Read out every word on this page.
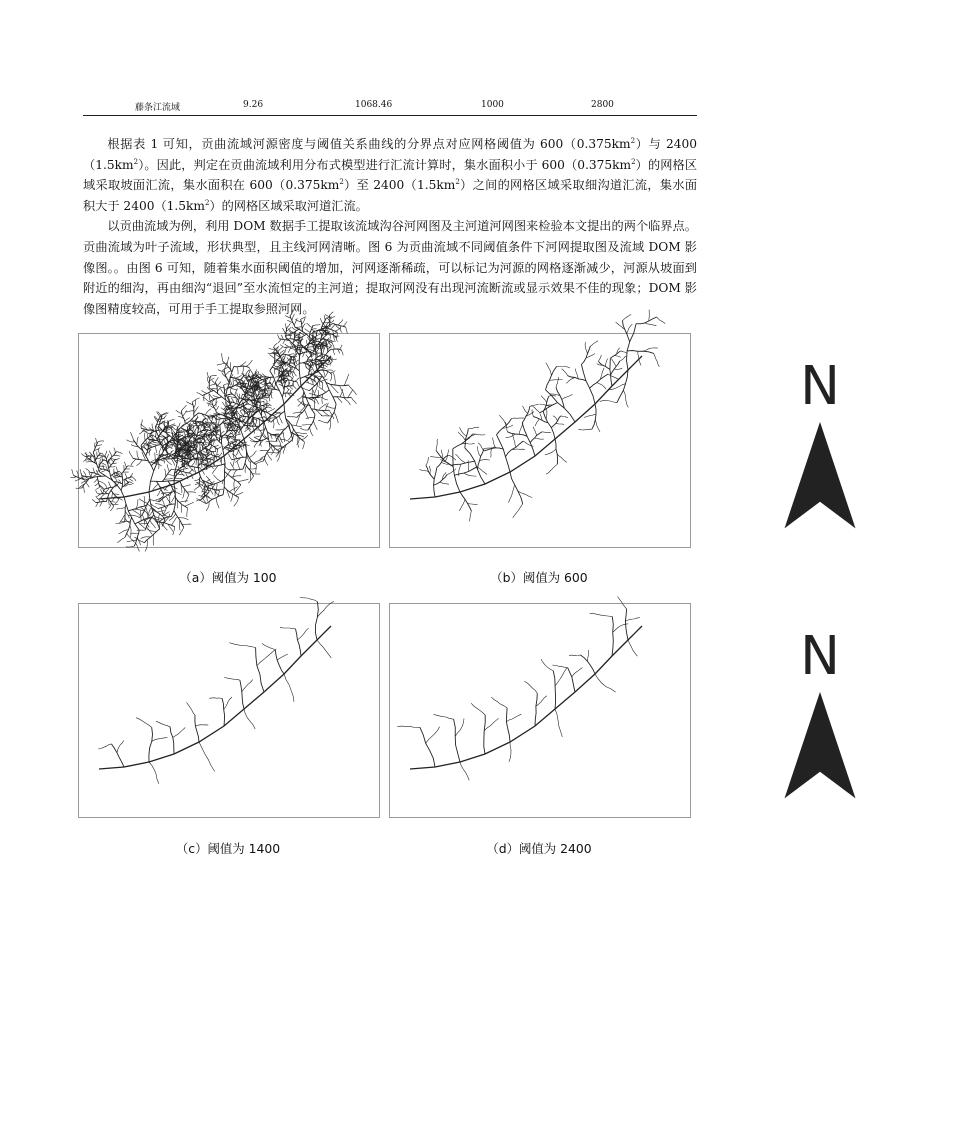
藤条江流域	9.26	1068.46	1000	2800

根据表 1 可知，贡曲流域河源密度与阈值关系曲线的分界点对应网格阈值为 $600(0.375km^2)$与 $2400(1.5km^2)$。因此，判定在贡曲流域利用分布式模型进行汇流计算时，集水面积小于 $600(0.375km^2)$的网格区域采取坡面汇流，集水面积在 $600(0.375km^2)$至 $2400(1.5km^2)$之间的网格区域采取细沟道汇流，集水面积大于 $2400(1.5km^2)$的网格区域采取河道汇流。

以贡曲流域为例，利用 DOM 数据手工提取该流域沟谷河网图及主河道河网图来检验本文提出的两个临界点。贡曲流域为叶子流域，形状典型，且主线河网清晰。图 6 为贡曲流域不同阈值条件下河网提取图及流域 DOM 影像图。。由图 6 可知，随着集水面积阈值的增加，河网逐渐稀疏，可以标记为河源的网格逐渐减少，河源从坡面到附近的细沟，再由细沟“退回”至水流恒定的主河道；提取河网没有出现河流断流或显示效果不佳的现象；DOM 影像图精度较高，可用于手工提取参照河网。

N
N
（a）阈值为 100	（b）阈值为 600
（c）阈值为 1400	（d）阈值为 2400
